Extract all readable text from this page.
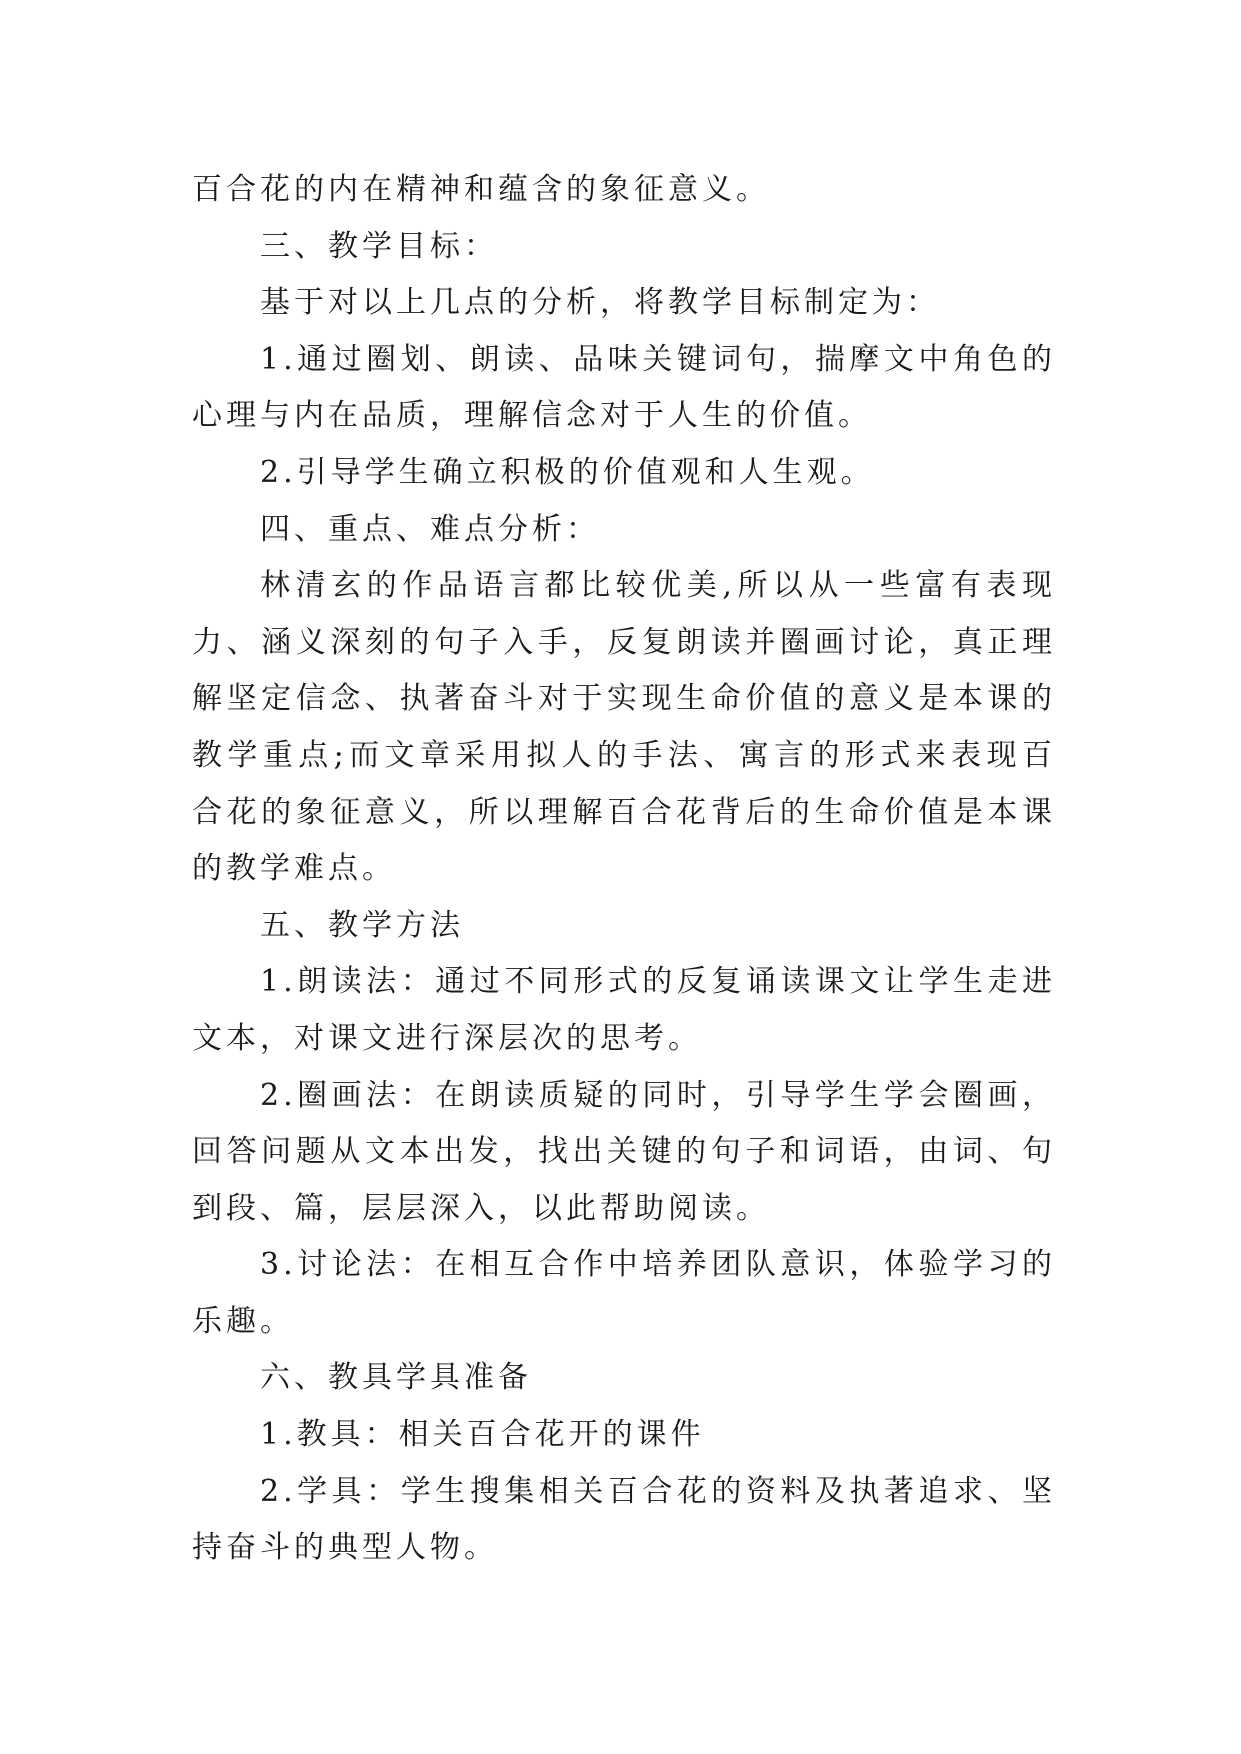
百合花的内在精神和蕴含的象征意义。

三、教学目标：

基于对以上几点的分析，将教学目标制定为：

1.通过圈划、朗读、品味关键词句，揣摩文中角色的心理与内在品质，理解信念对于人生的价值。

2.引导学生确立积极的价值观和人生观。

四、重点、难点分析：

林清玄的作品语言都比较优美,所以从一些富有表现力、涵义深刻的句子入手，反复朗读并圈画讨论，真正理解坚定信念、执著奋斗对于实现生命价值的意义是本课的教学重点;而文章采用拟人的手法、寓言的形式来表现百合花的象征意义，所以理解百合花背后的生命价值是本课的教学难点。

五、教学方法

1.朗读法：通过不同形式的反复诵读课文让学生走进文本，对课文进行深层次的思考。

2.圈画法：在朗读质疑的同时，引导学生学会圈画，回答问题从文本出发，找出关键的句子和词语，由词、句到段、篇，层层深入，以此帮助阅读。

3.讨论法：在相互合作中培养团队意识，体验学习的乐趣。

六、教具学具准备

1.教具：相关百合花开的课件

2.学具：学生搜集相关百合花的资料及执著追求、坚持奋斗的典型人物。
